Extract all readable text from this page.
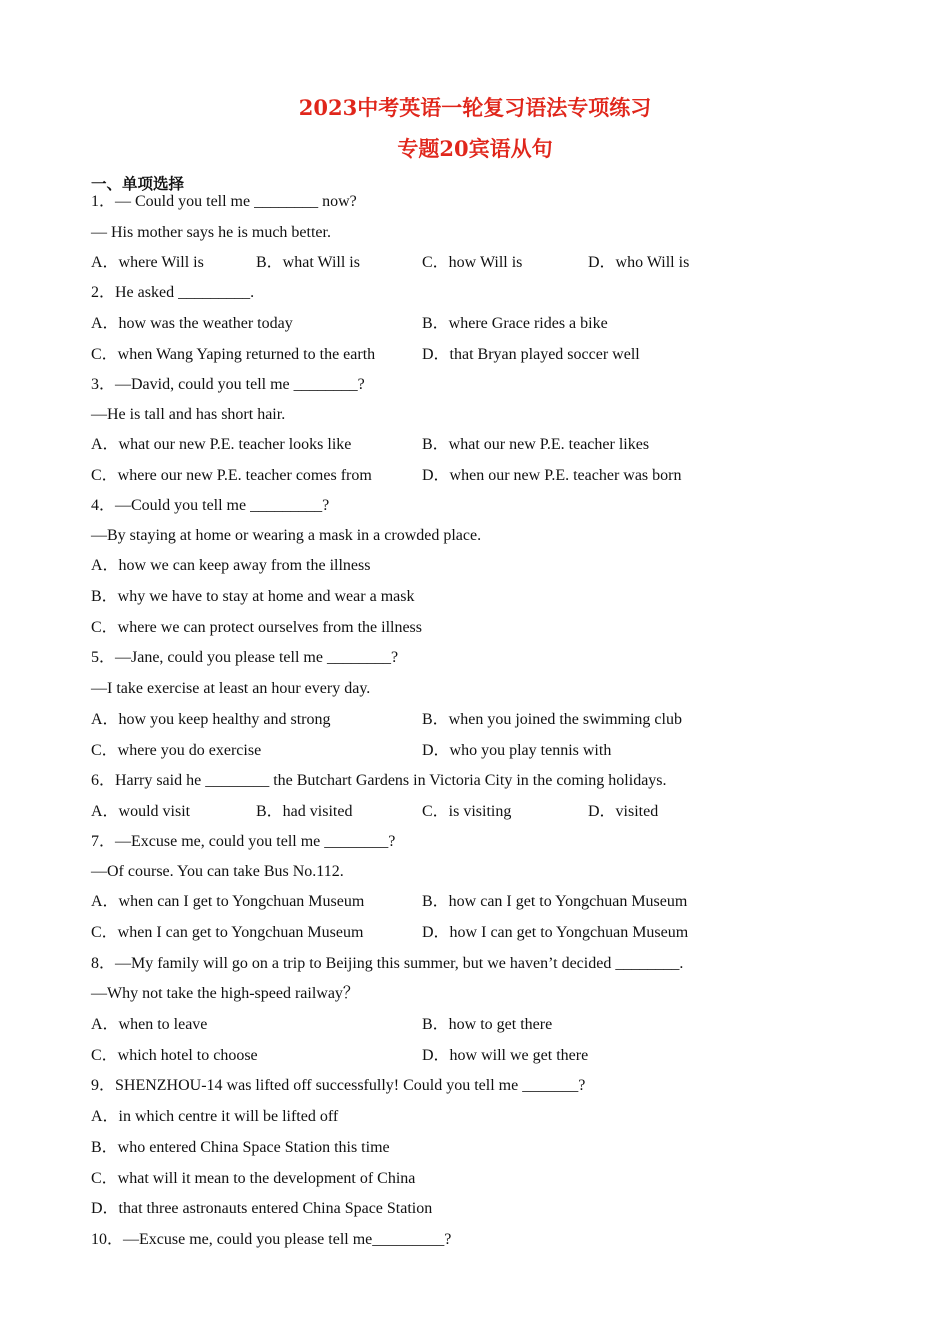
2023中考英语一轮复习语法专项练习
专题20宾语从句
一、单项选择
1．— Could you tell me ________ now?
— His mother says he is much better.
A．where Will is	B．what Will is	C．how Will is	D．who Will is
2．He asked _________.
A．how was the weather today	B．where Grace rides a bike
C．when Wang Yaping returned to the earth	D．that Bryan played soccer well
3．—David, could you tell me ________?
—He is tall and has short hair.
A．what our new P.E. teacher looks like	B．what our new P.E. teacher likes
C．where our new P.E. teacher comes from	D．when our new P.E. teacher was born
4．—Could you tell me _________?
—By staying at home or wearing a mask in a crowded place.
A．how we can keep away from the illness
B．why we have to stay at home and wear a mask
C．where we can protect ourselves from the illness
5．—Jane, could you please tell me ________?
—I take exercise at least an hour every day.
A．how you keep healthy and strong	B．when you joined the swimming club
C．where you do exercise	D．who you play tennis with
6．Harry said he ________ the Butchart Gardens in Victoria City in the coming holidays.
A．would visit	B．had visited	C．is visiting	D．visited
7．—Excuse me, could you tell me ________?
—Of course. You can take Bus No.112.
A．when can I get to Yongchuan Museum	B．how can I get to Yongchuan Museum
C．when I can get to Yongchuan Museum	D．how I can get to Yongchuan Museum
8．—My family will go on a trip to Beijing this summer, but we haven’t decided ________.
—Why not take the high-speed railway？
A．when to leave	B．how to get there
C．which hotel to choose	D．how will we get there
9．SHENZHOU-14 was lifted off successfully! Could you tell me _______?
A．in which centre it will be lifted off
B．who entered China Space Station this time
C．what will it mean to the development of China
D．that three astronauts entered China Space Station
10．—Excuse me, could you please tell me_________?
